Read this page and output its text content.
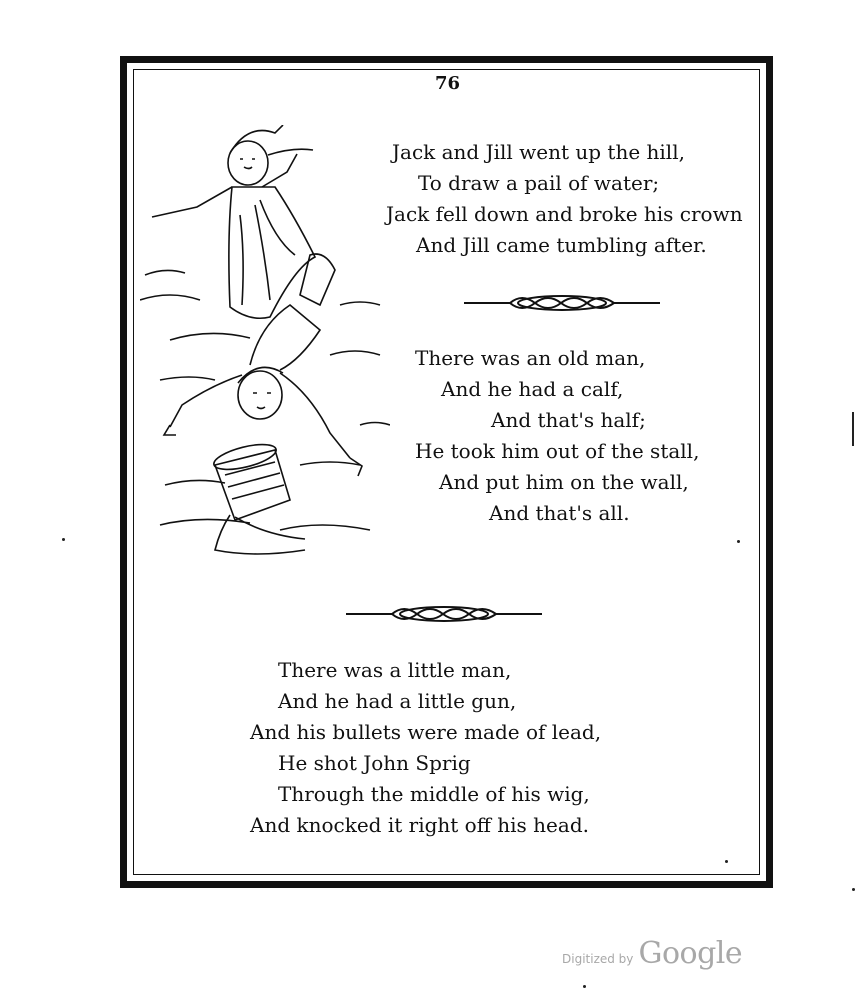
76
Jack and Jill went up the hill,
To draw a pail of water;
Jack fell down and broke his crown
And Jill came tumbling after.
There was an old man,
And he had a calf,
And that's half;
He took him out of the stall,
And put him on the wall,
And that's all.
There was a little man,
And he had a little gun,
And his bullets were made of lead,
He shot John Sprig
Through the middle of his wig,
And knocked it right off his head.
Digitized by Google
